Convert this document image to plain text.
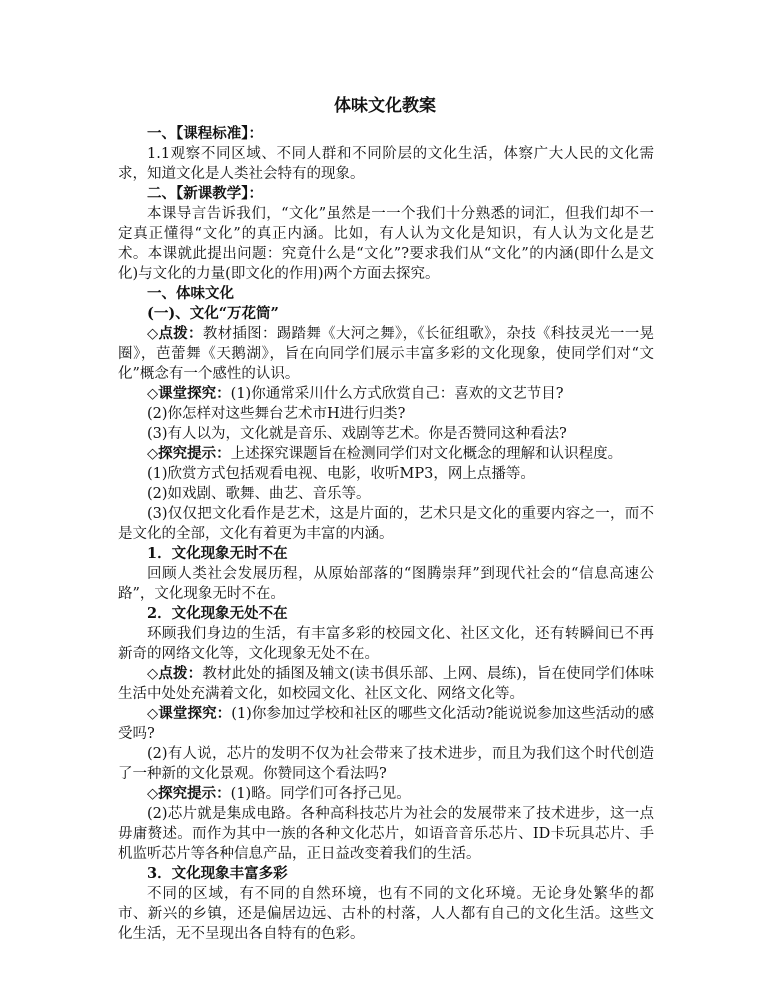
体味文化教案

一、【课程标准】：

1.1观察不同区域、不同人群和不同阶层的文化生活，体察广大人民的文化需求，知道文化是人类社会特有的现象。

二、【新课教学】：

本课导言告诉我们，“文化”虽然是一一个我们十分熟悉的词汇，但我们却不一定真正懂得“文化”的真正内涵。比如，有人认为文化是知识，有人认为文化是艺术。本课就此提出问题：究竟什么是“文化”?要求我们从“文化”的内涵(即什么是文化)与文化的力量(即文化的作用)两个方面去探究。

一、体味文化

(一)、文化“万花筒”

◇点拨：教材插图：踢踏舞《大河之舞》，《长征组歌》，杂技《科技灵光一一晃圈》，芭蕾舞《天鹅湖》，旨在向同学们展示丰富多彩的文化现象，使同学们对“文化”概念有一个感性的认识。

◇课堂探究：(1)你通常采川什么方式欣赏自己：喜欢的文艺节目?

(2)你怎样对这些舞台艺术市H进行归类?

(3)有人以为，文化就是音乐、戏剧等艺术。你是否赞同这种看法?

◇探究提示：上述探究课题旨在检测同学们对文化概念的理解和认识程度。

(1)欣赏方式包括观看电视、电影，收听MP3，网上点播等。

(2)如戏剧、歌舞、曲艺、音乐等。

(3)仅仅把文化看作是艺术，这是片面的，艺术只是文化的重要内容之一，而不是文化的全部，文化有着更为丰富的内涵。

1．文化现象无时不在

回顾人类社会发展历程，从原始部落的“图腾崇拜”到现代社会的“信息高速公路”，文化现象无时不在。

2．文化现象无处不在

环顾我们身边的生活，有丰富多彩的校园文化、社区文化，还有转瞬间已不再新奇的网络文化等，文化现象无处不在。

◇点拨：教材此处的插图及辅文(读书俱乐部、上网、晨练)，旨在使同学们体味生活中处处充满着文化，如校园文化、社区文化、网络文化等。

◇课堂探究：(1)你参加过学校和社区的哪些文化活动?能说说参加这些活动的感受吗?

(2)有人说，芯片的发明不仅为社会带来了技术进步，而且为我们这个时代创造了一种新的文化景观。你赞同这个看法吗?

◇探究提示：(1)略。同学们可各抒己见。

(2)芯片就是集成电路。各种高科技芯片为社会的发展带来了技术进步，这一点毋庸赘述。而作为其中一族的各种文化芯片，如语音音乐芯片、ID卡玩具芯片、手机监听芯片等各种信息产品，正日益改变着我们的生活。

3．文化现象丰富多彩

不同的区域，有不同的自然环境，也有不同的文化环境。无论身处繁华的都市、新兴的乡镇，还是偏居边远、古朴的村落，人人都有自己的文化生活。这些文化生活，无不呈现出各自特有的色彩。
